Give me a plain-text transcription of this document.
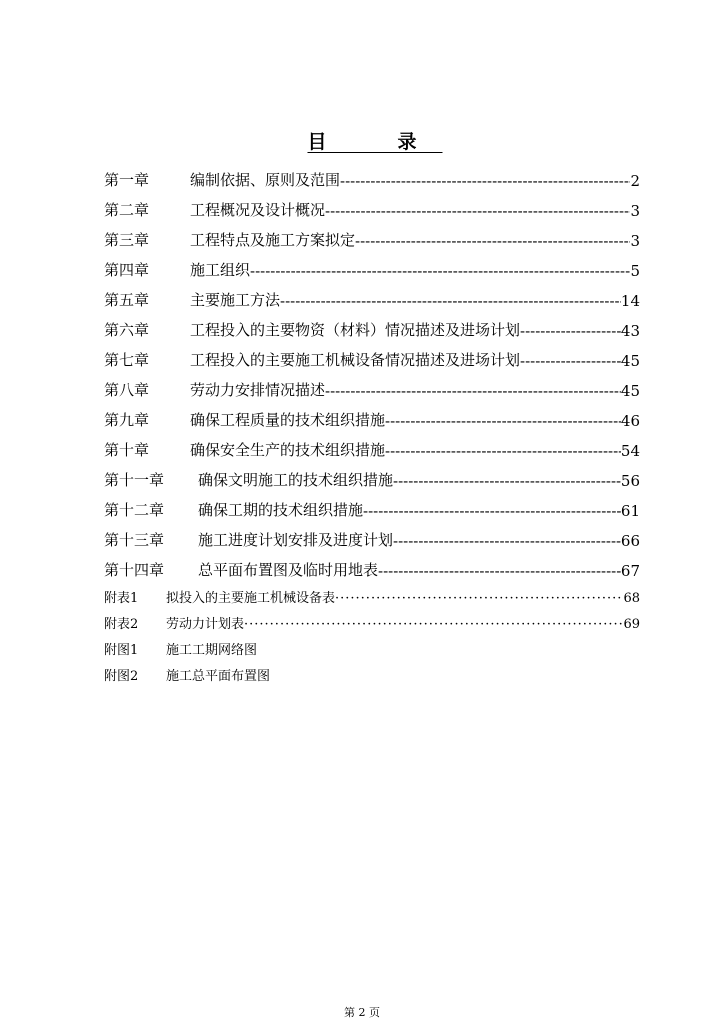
目　录
第一章	编制依据、原则及范围 -----	2
第二章	工程概况及设计概况 -----	3
第三章	工程特点及施工方案拟定 -----	3
第四章	施工组织 -----	5
第五章	主要施工方法 -----	14
第六章	工程投入的主要物资（材料）情况描述及进场计划 -----	43
第七章	工程投入的主要施工机械设备情况描述及进场计划 -----	45
第八章	劳动力安排情况描述 -----	45
第九章	确保工程质量的技术组织措施 -----	46
第十章	确保安全生产的技术组织措施 -----	54
第十一章	确保文明施工的技术组织措施 -----	56
第十二章	确保工期的技术组织措施 -----	61
第十三章	施工进度计划安排及进度计划 -----	66
第十四章	总平面布置图及临时用地表 -----	67
附表1	拟投入的主要施工机械设备表 ·····	68
附表2	劳动力计划表 ·····	69
附图1	施工工期网络图
附图2	施工总平面布置图
第 2 页
